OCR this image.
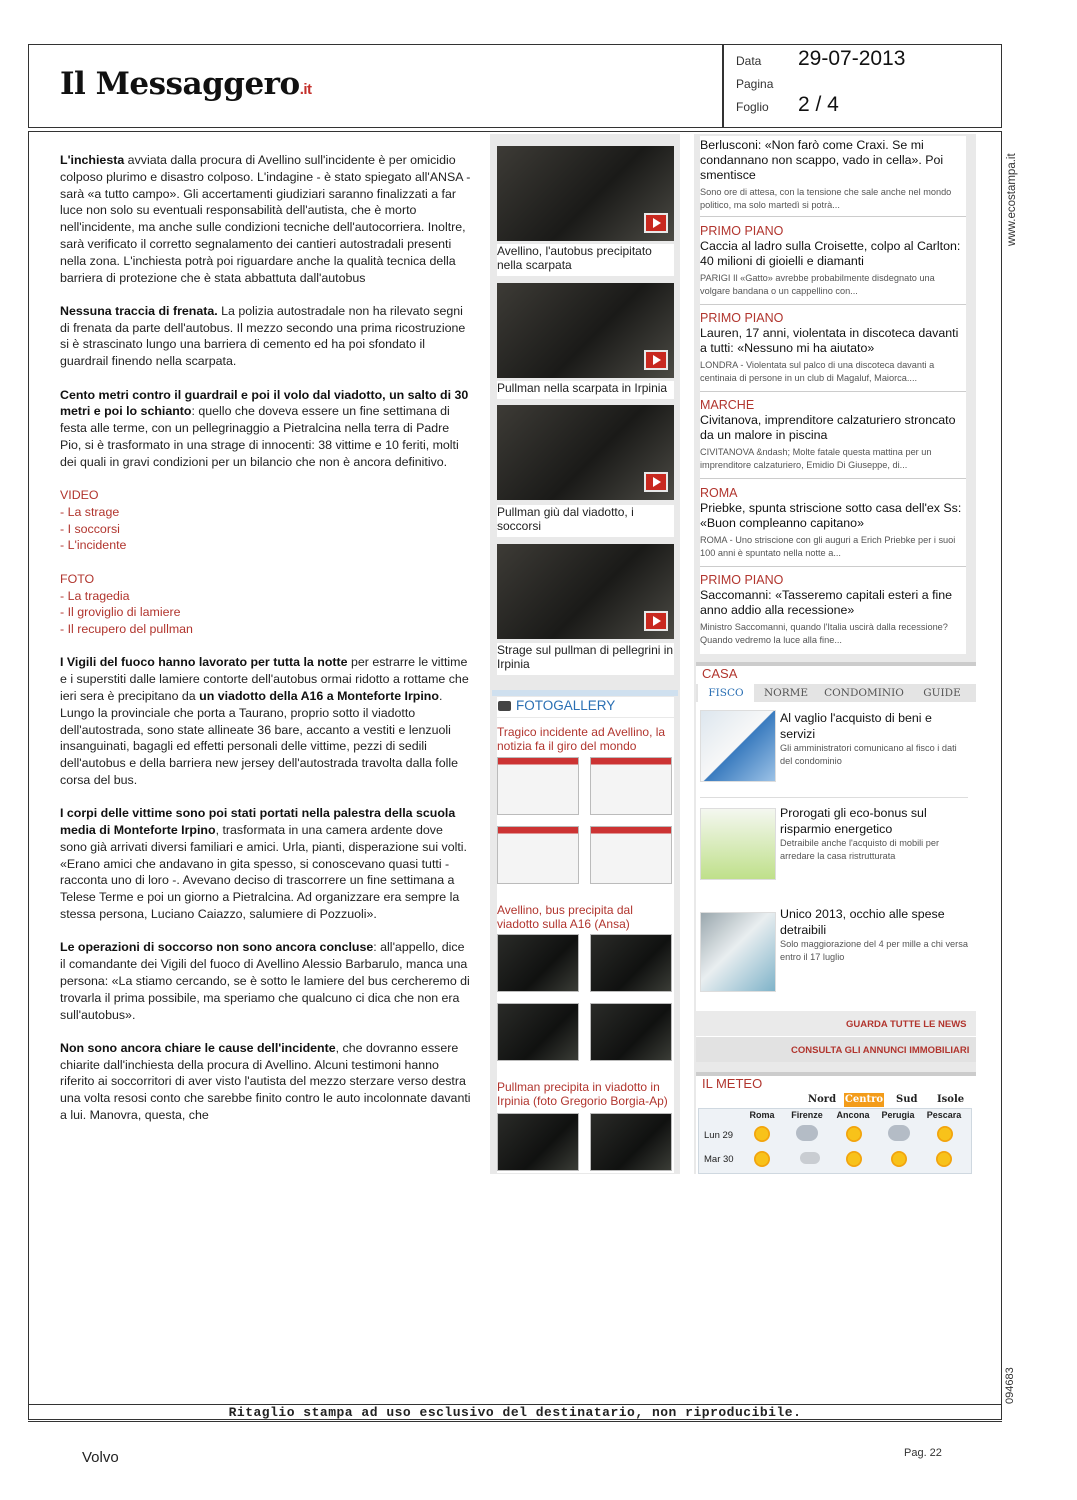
Il Messaggero.it
Data 29-07-2013
Pagina
Foglio 2 / 4
Ritaglio stampa ad uso esclusivo del destinatario, non riproducibile.
www.ecostampa.it
094683

L'inchiesta avviata dalla procura di Avellino sull'incidente è per omicidio colposo plurimo e disastro colposo. L'indagine - è stato spiegato all'ANSA - sarà «a tutto campo». Gli accertamenti giudiziari saranno finalizzati a far luce non solo su eventuali responsabilità dell'autista, che è morto nell'incidente, ma anche sulle condizioni tecniche dell'autocorriera. Inoltre, sarà verificato il corretto segnalamento dei cantieri autostradali presenti nella zona. L'inchiesta potrà poi riguardare anche la qualità tecnica della barriera di protezione che è stata abbattuta dall'autobus

Nessuna traccia di frenata. La polizia autostradale non ha rilevato segni di frenata da parte dell'autobus. Il mezzo secondo una prima ricostruzione si è strascinato lungo una barriera di cemento ed ha poi sfondato il guardrail finendo nella scarpata.

Cento metri contro il guardrail e poi il volo dal viadotto, un salto di 30 metri e poi lo schianto: quello che doveva essere un fine settimana di festa alle terme, con un pellegrinaggio a Pietralcina nella terra di Padre Pio, si è trasformato in una strage di innocenti: 38 vittime e 10 feriti, molti dei quali in gravi condizioni per un bilancio che non è ancora definitivo.

VIDEO
- La strage
- I soccorsi
- L'incidente
FOTO
- La tragedia
- Il groviglio di lamiere
- Il recupero del pullman

I Vigili del fuoco hanno lavorato per tutta la notte per estrarre le vittime e i superstiti dalle lamiere contorte dell'autobus ormai ridotto a rottame che ieri sera è precipitano da un viadotto della A16 a Monteforte Irpino. Lungo la provinciale che porta a Taurano, proprio sotto il viadotto dell'autostrada, sono state allineate 36 bare, accanto a vestiti e lenzuoli insanguinati, bagagli ed effetti personali delle vittime, pezzi di sedili dell'autobus e della barriera new jersey dell'autostrada travolta dalla folle corsa del bus.

I corpi delle vittime sono poi stati portati nella palestra della scuola media di Monteforte Irpino, trasformata in una camera ardente dove sono già arrivati diversi familiari e amici. Urla, pianti, disperazione sui volti. «Erano amici che andavano in gita spesso, si conoscevano quasi tutti - racconta uno di loro -. Avevano deciso di trascorrere un fine settimana a Telese Terme e poi un giorno a Pietralcina. Ad organizzare era sempre la stessa persona, Luciano Caiazzo, salumiere di Pozzuoli».

Le operazioni di soccorso non sono ancora concluse: all'appello, dice il comandante dei Vigili del fuoco di Avellino Alessio Barbarulo, manca una persona: «La stiamo cercando, se è sotto le lamiere del bus cercheremo di trovarla il prima possibile, ma speriamo che qualcuno ci dica che non era sull'autobus».

Non sono ancora chiare le cause dell'incidente, che dovranno essere chiarite dall'inchiesta della procura di Avellino. Alcuni testimoni hanno riferito ai soccorritori di aver visto l'autista del mezzo sterzare verso destra una volta resosi conto che sarebbe finito contro le auto incolonnate davanti a lui. Manovra, questa, che

Avellino, l'autobus precipitato nella scarpata
Pullman nella scarpata in Irpinia
Pullman giù dal viadotto, i soccorsi
Strage sul pullman di pellegrini in Irpinia
FOTOGALLERY
Tragico incidente ad Avellino, la notizia fa il giro del mondo
Avellino, bus precipita dal viadotto sulla A16 (Ansa)
Pullman precipita in viadotto in Irpinia (foto Gregorio Borgia-Ap)
Berlusconi: «Non farò come Craxi. Se mi condannano non scappo, vado in cella». Poi smentisce
Sono ore di attesa, con la tensione che sale anche nel mondo politico, ma solo martedì si potrà...
PRIMO PIANO
Caccia al ladro sulla Croisette, colpo al Carlton: 40 milioni di gioielli e diamanti
PARIGI Il «Gatto» avrebbe probabilmente disdegnato una volgare bandana o un cappellino con...
PRIMO PIANO
Lauren, 17 anni, violentata in discoteca davanti a tutti: «Nessuno mi ha aiutato»
LONDRA - Violentata sul palco di una discoteca davanti a centinaia di persone in un club di Magaluf, Maiorca....
MARCHE
Civitanova, imprenditore calzaturiero stroncato da un malore in piscina
CIVITANOVA &ndash; Molte fatale questa mattina per un imprenditore calzaturiero, Emidio Di Giuseppe, di...
ROMA
Priebke, spunta striscione sotto casa dell'ex Ss: «Buon compleanno capitano»
ROMA - Uno striscione con gli auguri a Erich Priebke per i suoi 100 anni è spuntato nella notte a...
PRIMO PIANO
Saccomanni: «Tasseremo capitali esteri a fine anno addio alla recessione»
Ministro Saccomanni, quando l'Italia uscirà dalla recessione? Quando vedremo la luce alla fine...
CASA
FISCO	NORME	CONDOMINIO	GUIDE
Al vaglio l'acquisto di beni e servizi
Gli amministratori comunicano al fisco i dati del condominio
Prorogati gli eco-bonus sul risparmio energetico
Detraibile anche l'acquisto di mobili per arredare la casa ristrutturata
Unico 2013, occhio alle spese detraibili
Solo maggiorazione del 4 per mille a chi versa entro il 17 luglio
GUARDA TUTTE LE NEWS
CONSULTA GLI ANNUNCI IMMOBILIARI
IL METEO
Nord Centro Sud Isole
Roma	Firenze	Ancona	Perugia	Pescara
Lun 29
Mar 30
Volvo	Pag. 22
